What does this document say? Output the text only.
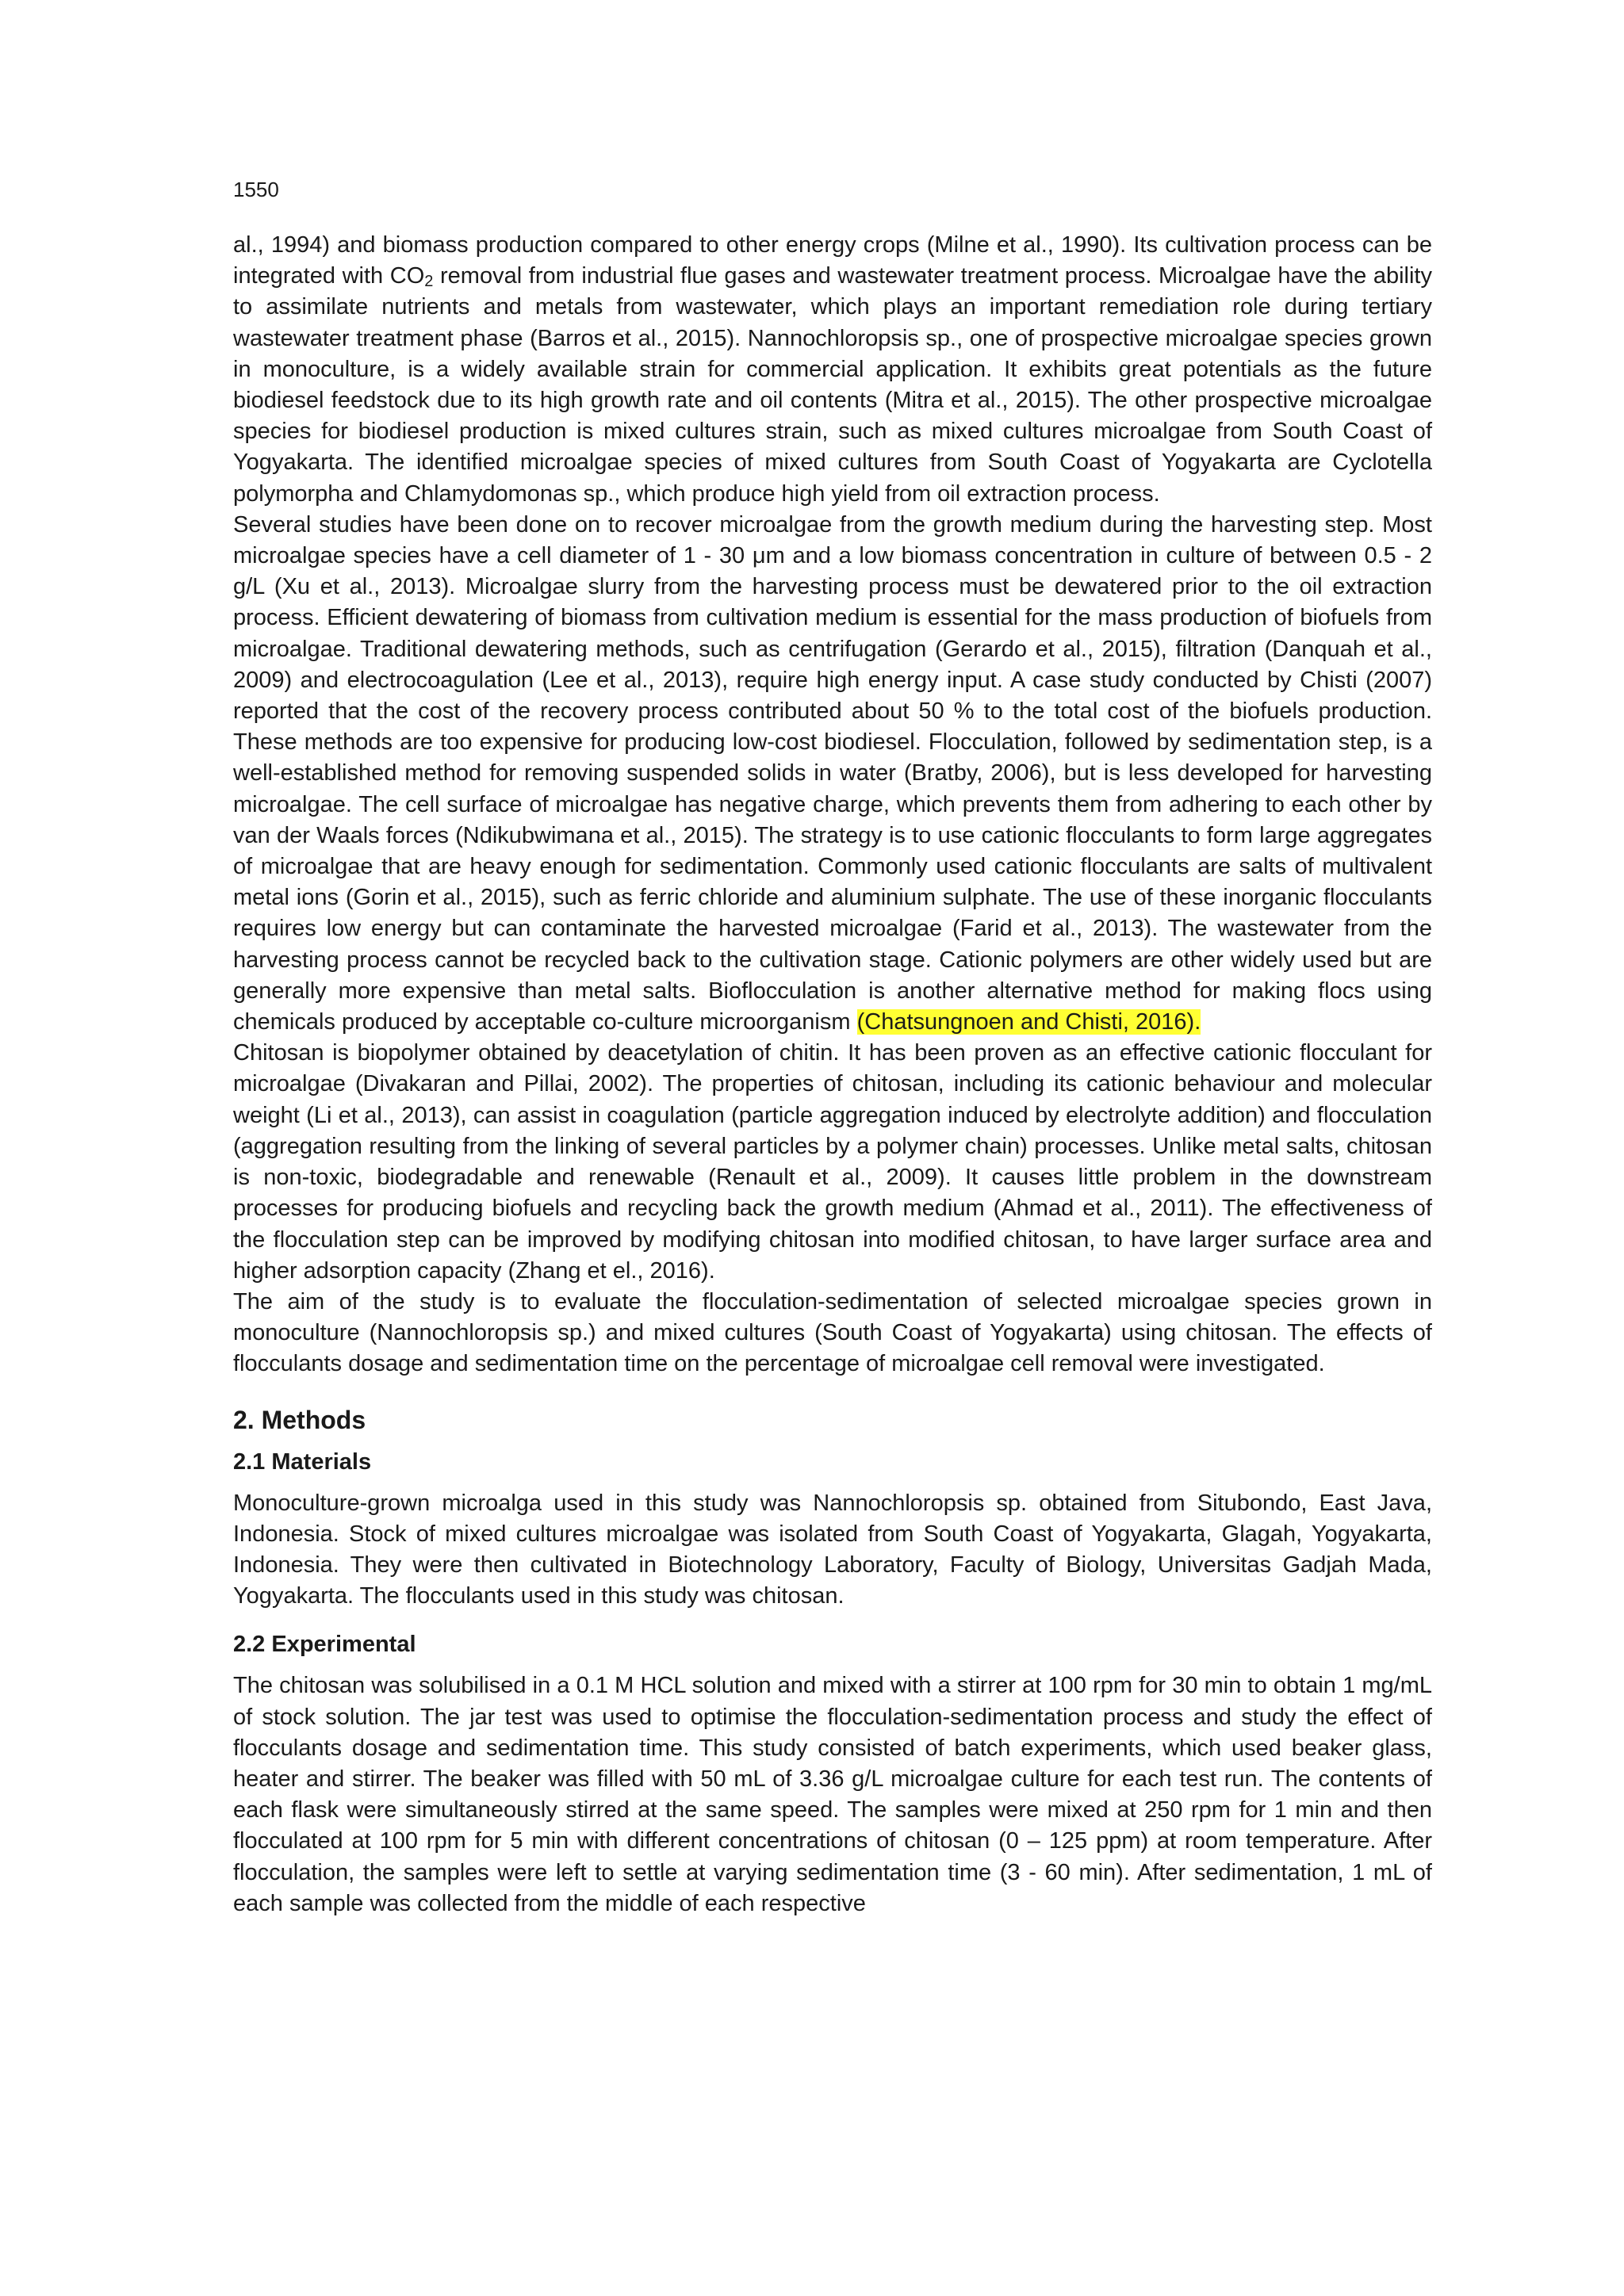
1550

al., 1994) and biomass production compared to other energy crops (Milne et al., 1990). Its cultivation process can be integrated with $CO_2$ removal from industrial flue gases and wastewater treatment process. Microalgae have the ability to assimilate nutrients and metals from wastewater, which plays an important remediation role during tertiary wastewater treatment phase (Barros et al., 2015). Nannochloropsis sp., one of prospective microalgae species grown in monoculture, is a widely available strain for commercial application. It exhibits great potentials as the future biodiesel feedstock due to its high growth rate and oil contents (Mitra et al., 2015). The other prospective microalgae species for biodiesel production is mixed cultures strain, such as mixed cultures microalgae from South Coast of Yogyakarta. The identified microalgae species of mixed cultures from South Coast of Yogyakarta are Cyclotella polymorpha and Chlamydomonas sp., which produce high yield from oil extraction process.

Several studies have been done on to recover microalgae from the growth medium during the harvesting step. Most microalgae species have a cell diameter of 1 - 30 μm and a low biomass concentration in culture of between 0.5 - 2 g/L (Xu et al., 2013). Microalgae slurry from the harvesting process must be dewatered prior to the oil extraction process. Efficient dewatering of biomass from cultivation medium is essential for the mass production of biofuels from microalgae. Traditional dewatering methods, such as centrifugation (Gerardo et al., 2015), filtration (Danquah et al., 2009) and electrocoagulation (Lee et al., 2013), require high energy input. A case study conducted by Chisti (2007) reported that the cost of the recovery process contributed about 50 % to the total cost of the biofuels production. These methods are too expensive for producing low-cost biodiesel. Flocculation, followed by sedimentation step, is a well-established method for removing suspended solids in water (Bratby, 2006), but is less developed for harvesting microalgae. The cell surface of microalgae has negative charge, which prevents them from adhering to each other by van der Waals forces (Ndikubwimana et al., 2015). The strategy is to use cationic flocculants to form large aggregates of microalgae that are heavy enough for sedimentation. Commonly used cationic flocculants are salts of multivalent metal ions (Gorin et al., 2015), such as ferric chloride and aluminium sulphate. The use of these inorganic flocculants requires low energy but can contaminate the harvested microalgae (Farid et al., 2013). The wastewater from the harvesting process cannot be recycled back to the cultivation stage. Cationic polymers are other widely used but are generally more expensive than metal salts. Bioflocculation is another alternative method for making flocs using chemicals produced by acceptable co-culture microorganism (Chatsungnoen and Chisti, 2016).

Chitosan is biopolymer obtained by deacetylation of chitin. It has been proven as an effective cationic flocculant for microalgae (Divakaran and Pillai, 2002). The properties of chitosan, including its cationic behaviour and molecular weight (Li et al., 2013), can assist in coagulation (particle aggregation induced by electrolyte addition) and flocculation (aggregation resulting from the linking of several particles by a polymer chain) processes. Unlike metal salts, chitosan is non-toxic, biodegradable and renewable (Renault et al., 2009). It causes little problem in the downstream processes for producing biofuels and recycling back the growth medium (Ahmad et al., 2011). The effectiveness of the flocculation step can be improved by modifying chitosan into modified chitosan, to have larger surface area and higher adsorption capacity (Zhang et el., 2016).

The aim of the study is to evaluate the flocculation-sedimentation of selected microalgae species grown in monoculture (Nannochloropsis sp.) and mixed cultures (South Coast of Yogyakarta) using chitosan. The effects of flocculants dosage and sedimentation time on the percentage of microalgae cell removal were investigated.

2. Methods
2.1 Materials

Monoculture-grown microalga used in this study was Nannochloropsis sp. obtained from Situbondo, East Java, Indonesia. Stock of mixed cultures microalgae was isolated from South Coast of Yogyakarta, Glagah, Yogyakarta, Indonesia. They were then cultivated in Biotechnology Laboratory, Faculty of Biology, Universitas Gadjah Mada, Yogyakarta. The flocculants used in this study was chitosan.

2.2 Experimental

The chitosan was solubilised in a 0.1 M HCL solution and mixed with a stirrer at 100 rpm for 30 min to obtain 1 mg/mL of stock solution. The jar test was used to optimise the flocculation-sedimentation process and study the effect of flocculants dosage and sedimentation time. This study consisted of batch experiments, which used beaker glass, heater and stirrer. The beaker was filled with 50 mL of 3.36 g/L microalgae culture for each test run. The contents of each flask were simultaneously stirred at the same speed. The samples were mixed at 250 rpm for 1 min and then flocculated at 100 rpm for 5 min with different concentrations of chitosan (0 – 125 ppm) at room temperature. After flocculation, the samples were left to settle at varying sedimentation time (3 - 60 min). After sedimentation, 1 mL of each sample was collected from the middle of each respective
